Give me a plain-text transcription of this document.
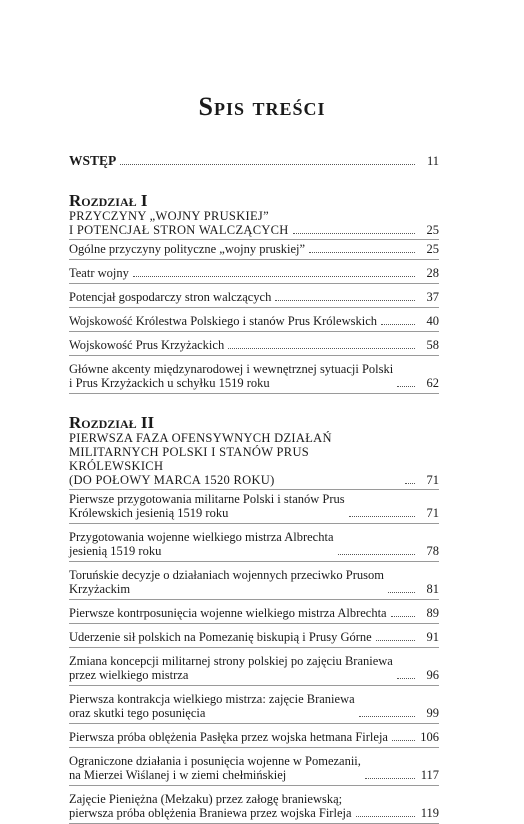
Spis treści
WSTĘP	11
Rozdział I
PRZYCZYNY „WOJNY PRUSKIEJ”
I POTENCJAŁ STRON WALCZĄCYCH	25
Ogólne przyczyny polityczne „wojny pruskiej”	25
Teatr wojny	28
Potencjał gospodarczy stron walczących	37
Wojskowość Królestwa Polskiego i stanów Prus Królewskich	40
Wojskowość Prus Krzyżackich	58
Główne akcenty międzynarodowej i wewnętrznej sytuacji Polski
i Prus Krzyżackich u schyłku 1519 roku	62
Rozdział II
PIERWSZA FAZA OFENSYWNYCH DZIAŁAŃ
MILITARNYCH POLSKI I STANÓW PRUS KRÓLEWSKICH
(DO POŁOWY MARCA 1520 ROKU)	71
Pierwsze przygotowania militarne Polski i stanów Prus
Królewskich jesienią 1519 roku	71
Przygotowania wojenne wielkiego mistrza Albrechta
jesienią 1519 roku	78
Toruńskie decyzje o działaniach wojennych przeciwko Prusom
Krzyżackim	81
Pierwsze kontrposunięcia wojenne wielkiego mistrza Albrechta	89
Uderzenie sił polskich na Pomezanię biskupią i Prusy Górne	91
Zmiana koncepcji militarnej strony polskiej po zajęciu Braniewa
przez wielkiego mistrza	96
Pierwsza kontrakcja wielkiego mistrza: zajęcie Braniewa
oraz skutki tego posunięcia	99
Pierwsza próba oblężenia Pasłęka przez wojska hetmana Firleja	106
Ograniczone działania i posunięcia wojenne w Pomezanii,
na Mierzei Wiślanej i w ziemi chełmińskiej	117
Zajęcie Pieniężna (Mełzaku) przez załogę braniewską;
pierwsza próba oblężenia Braniewa przez wojska Firleja	119
